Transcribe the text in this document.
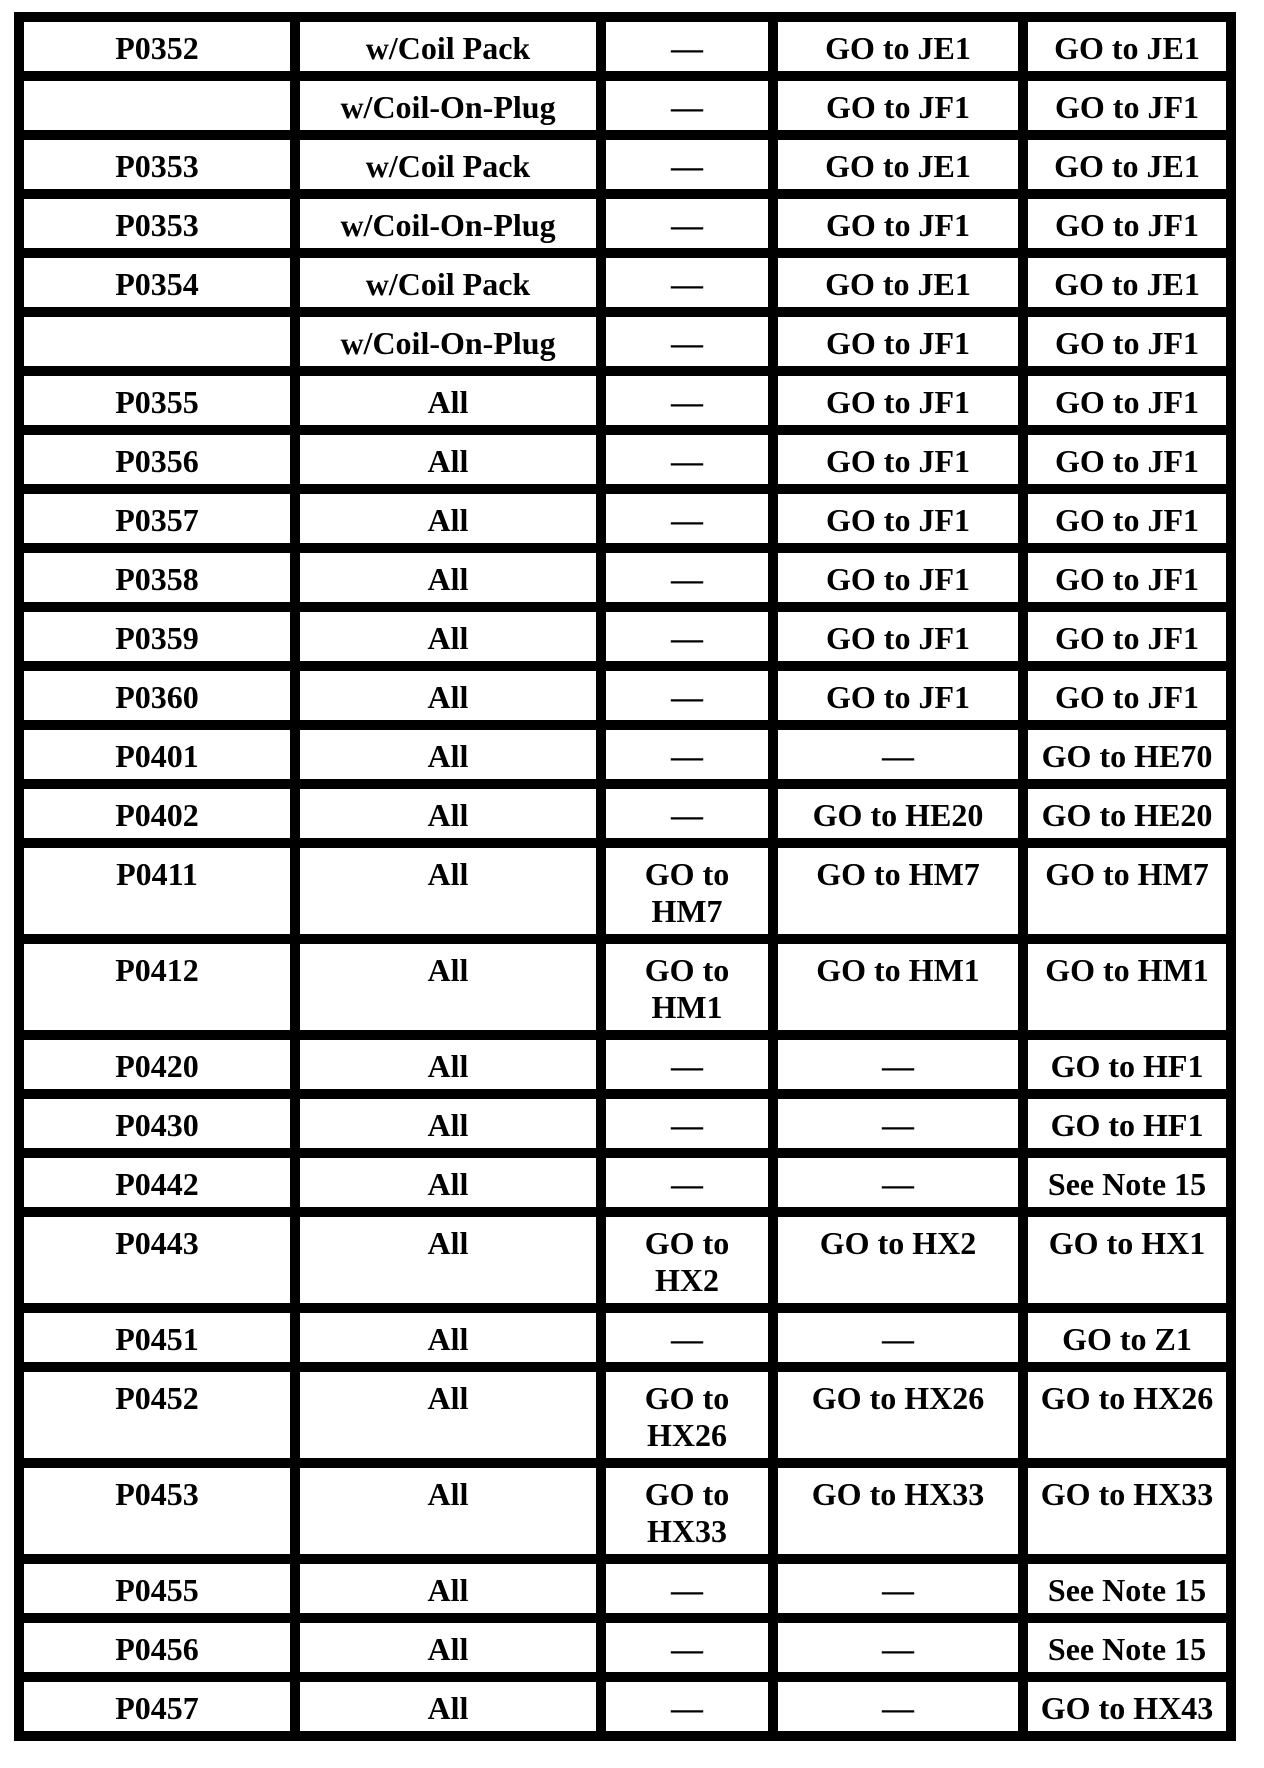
P0352	w/Coil Pack	—	GO to JE1	GO to JE1
	w/Coil-On-Plug	—	GO to JF1	GO to JF1
P0353	w/Coil Pack	—	GO to JE1	GO to JE1
P0353	w/Coil-On-Plug	—	GO to JF1	GO to JF1
P0354	w/Coil Pack	—	GO to JE1	GO to JE1
	w/Coil-On-Plug	—	GO to JF1	GO to JF1
P0355	All	—	GO to JF1	GO to JF1
P0356	All	—	GO to JF1	GO to JF1
P0357	All	—	GO to JF1	GO to JF1
P0358	All	—	GO to JF1	GO to JF1
P0359	All	—	GO to JF1	GO to JF1
P0360	All	—	GO to JF1	GO to JF1
P0401	All	—	—	GO to HE70
P0402	All	—	GO to HE20	GO to HE20
P0411	All	GO to HM7	GO to HM7	GO to HM7
P0412	All	GO to HM1	GO to HM1	GO to HM1
P0420	All	—	—	GO to HF1
P0430	All	—	—	GO to HF1
P0442	All	—	—	See Note 15
P0443	All	GO to HX2	GO to HX2	GO to HX1
P0451	All	—	—	GO to Z1
P0452	All	GO to HX26	GO to HX26	GO to HX26
P0453	All	GO to HX33	GO to HX33	GO to HX33
P0455	All	—	—	See Note 15
P0456	All	—	—	See Note 15
P0457	All	—	—	GO to HX43
